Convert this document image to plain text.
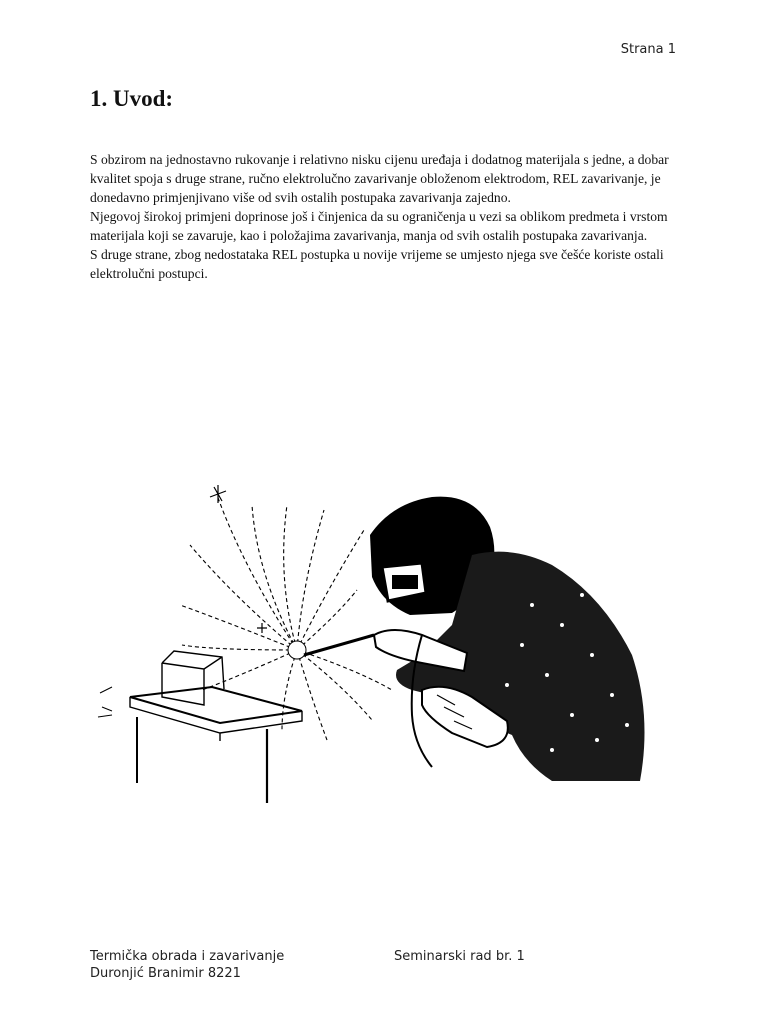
Strana 1
1. Uvod:

S obzirom na jednostavno rukovanje i relativno nisku cijenu uređaja i dodatnog materijala s jedne, a dobar kvalitet spoja s druge strane, ručno elektrolučno zavarivanje obloženom elektrodom, REL zavarivanje, je donedavno primjenjivano više od svih ostalih postupaka zavarivanja zajedno.

Njegovoj širokoj primjeni doprinose još i činjenica da su ograničenja u vezi sa oblikom predmeta i vrstom materijala koji se zavaruje, kao i položajima zavarivanja, manja od svih ostalih postupaka zavarivanja.

S druge strane, zbog nedostataka REL postupka u novije vrijeme se umjesto njega sve češće koriste ostali elektrolučni postupci.

Termička obrada i zavarivanje	Seminarski rad br. 1
Duronjić Branimir 8221
